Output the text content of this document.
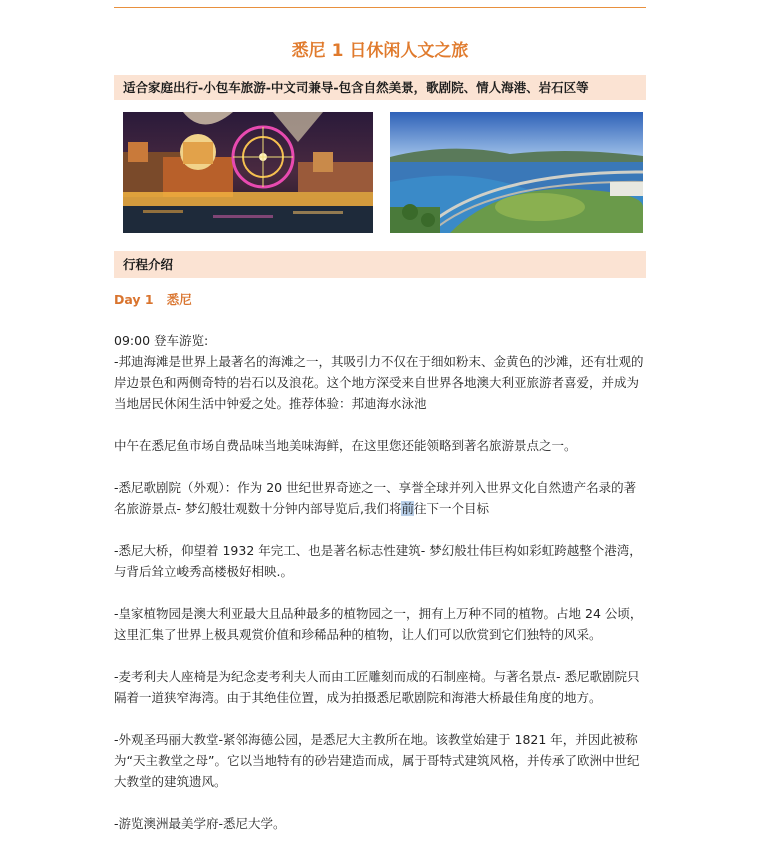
悉尼 1 日休闲人文之旅
适合家庭出行-小包车旅游-中文司兼导-包含自然美景，歌剧院、情人海港、岩石区等
行程介绍
Day 1 悉尼

09:00 登车游览:

-邦迪海滩是世界上最著名的海滩之一，其吸引力不仅在于细如粉末、金黄色的沙滩，还有壮观的岸边景色和两侧奇特的岩石以及浪花。这个地方深受来自世界各地澳大利亚旅游者喜爱，并成为当地居民休闲生活中钟爱之处。推荐体验：邦迪海水泳池

中午在悉尼鱼市场自费品味当地美味海鲜，在这里您还能领略到著名旅游景点之一。

-悉尼歌剧院（外观）：作为 20 世纪世界奇迹之一、享誉全球并列入世界文化自然遗产名录的著名旅游景点- 梦幻般壮观数十分钟内部导览后,我们将前往下一个目标

-悉尼大桥，仰望着 1932 年完工、也是著名标志性建筑- 梦幻般壮伟巨构如彩虹跨越整个港湾，与背后耸立峻秀高楼极好相映.。

-皇家植物园是澳大利亚最大且品种最多的植物园之一，拥有上万种不同的植物。占地 24 公顷，这里汇集了世界上极具观赏价值和珍稀品种的植物，让人们可以欣赏到它们独特的风采。

-麦考利夫人座椅是为纪念麦考利夫人而由工匠雕刻而成的石制座椅。与著名景点- 悉尼歌剧院只隔着一道狭窄海湾。由于其绝佳位置，成为拍摄悉尼歌剧院和海港大桥最佳角度的地方。

-外观圣玛丽大教堂-紧邻海德公园，是悉尼大主教所在地。该教堂始建于 1821 年，并因此被称为“天主教堂之母”。它以当地特有的砂岩建造而成，属于哥特式建筑风格，并传承了欧洲中世纪大教堂的建筑遗风。

-游览澳洲最美学府-悉尼大学。
